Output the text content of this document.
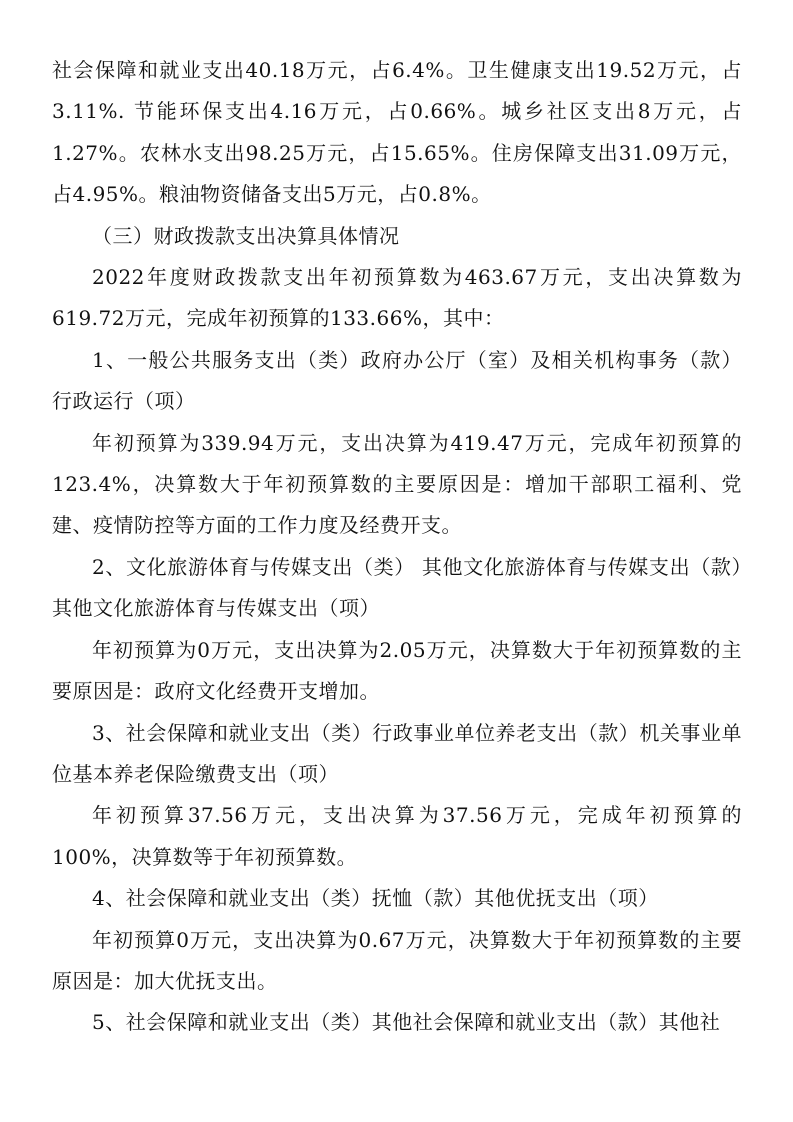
社会保障和就业支出40.18万元，占6.4%。卫生健康支出19.52万元，占3.11%. 节能环保支出4.16万元，占0.66%。城乡社区支出8万元，占1.27%。农林水支出98.25万元，占15.65%。住房保障支出31.09万元，占4.95%。粮油物资储备支出5万元，占0.8%。

（三）财政拨款支出决算具体情况

2022年度财政拨款支出年初预算数为463.67万元，支出决算数为619.72万元，完成年初预算的133.66%，其中：

1、一般公共服务支出（类）政府办公厅（室）及相关机构事务（款） 行政运行（项）

年初预算为339.94万元，支出决算为419.47万元，完成年初预算的123.4%，决算数大于年初预算数的主要原因是：增加干部职工福利、党建、疫情防控等方面的工作力度及经费开支。

2、文化旅游体育与传媒支出（类） 其他文化旅游体育与传媒支出（款）其他文化旅游体育与传媒支出（项）

年初预算为0万元，支出决算为2.05万元，决算数大于年初预算数的主要原因是：政府文化经费开支增加。

3、社会保障和就业支出（类）行政事业单位养老支出（款）机关事业单位基本养老保险缴费支出（项）

年初预算37.56万元，支出决算为37.56万元，完成年初预算的100%，决算数等于年初预算数。

4、社会保障和就业支出（类）抚恤（款）其他优抚支出（项）

年初预算0万元，支出决算为0.67万元，决算数大于年初预算数的主要原因是：加大优抚支出。

5、社会保障和就业支出（类）其他社会保障和就业支出（款）其他社
